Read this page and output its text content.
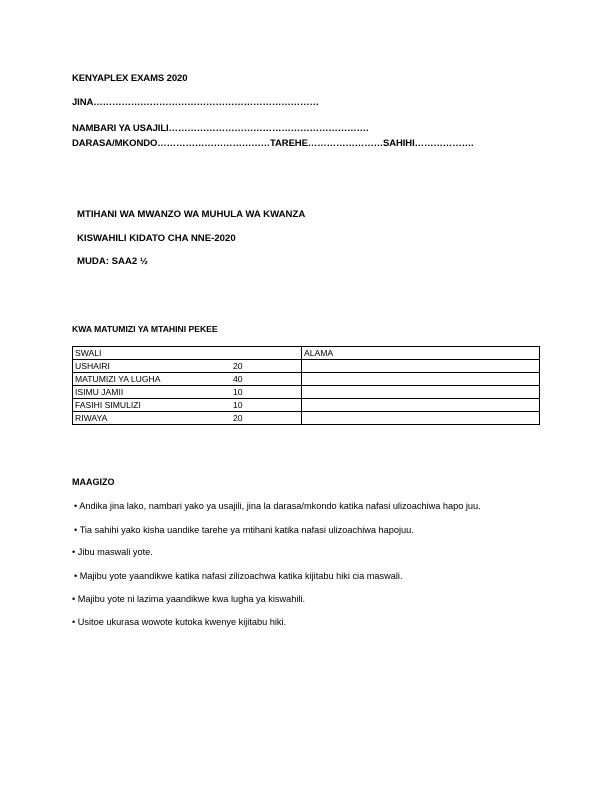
KENYAPLEX EXAMS 2020
JINA………………………………………………………………
NAMBARI YA USAJILI……………………………………………………….
DARASA/MKONDO………………………………TAREHE……………………SAHIHI……………….
MTIHANI WA MWANZO WA MUHULA WA KWANZA
KISWAHILI KIDATO CHA NNE-2020
MUDA: SAA2 ½
KWA MATUMIZI YA MTAHINI PEKEE
SWALI	ALAMA
USHAIRI 20	
MATUMIZI YA LUGHA 40	
ISIMU JAMII 10	
FASIHI SIMULIZI 10	
RIWAYA 20	
MAAGIZO
• Andika jina lako, nambari yako ya usajili, jina la darasa/mkondo katika nafasi ulizoachiwa hapo juu.
• Tia sahihi yako kisha uandike tarehe ya mtihani katika nafasi ulizoachiwa hapojuu.
• Jibu maswali yote.
• Majibu yote yaandikwe katika nafasi zilizoachwa katika kijitabu hiki cia maswali.
• Majibu yote ni lazima yaandikwe kwa lugha ya kiswahili.
• Usitoe ukurasa wowote kutoka kwenye kijitabu hiki.
